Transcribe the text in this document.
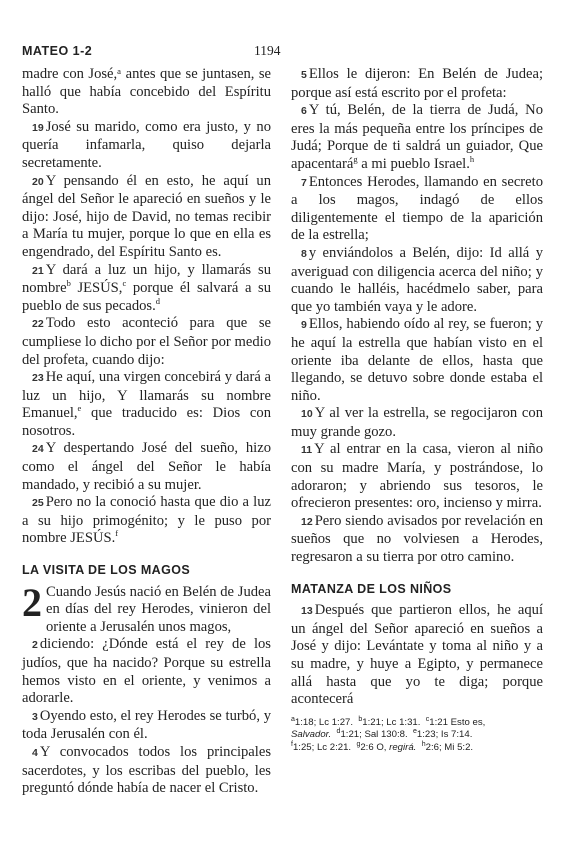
MATEO 1-2	1194

madre con José,ᵃ antes que se juntasen, se halló que había concebido del Espíritu Santo.

19 José su marido, como era justo, y no quería infamarla, quiso dejarla secretamente.

20 Y pensando él en esto, he aquí un ángel del Señor le apareció en sueños y le dijo: José, hijo de David, no temas recibir a María tu mujer, porque lo que en ella es engendrado, del Espíritu Santo es.

21 Y dará a luz un hijo, y llamarás su nombre$^b$ JESÚS,$^c$ porque él salvará a su pueblo de sus pecados.$^d$

22 Todo esto aconteció para que se cumpliese lo dicho por el Señor por medio del profeta, cuando dijo:

23 He aquí, una virgen concebirá y dará a luz un hijo, Y llamarás su nombre Emanuel,$^e$ que traducido es: Dios con nosotros.

24 Y despertando José del sueño, hizo como el ángel del Señor le había mandado, y recibió a su mujer.

25 Pero no la conoció hasta que dio a luz a su hijo primogénito; y le puso por nombre JESÚS.$^f$

LA VISITA DE LOS MAGOS

2 Cuando Jesús nació en Belén de Judea en días del rey Herodes, vinieron del oriente a Jerusalén unos magos,

2 diciendo: ¿Dónde está el rey de los judíos, que ha nacido? Porque su estrella hemos visto en el oriente, y venimos a adorarle.

3 Oyendo esto, el rey Herodes se turbó, y toda Jerusalén con él.

4 Y convocados todos los principales sacerdotes, y los escribas del pueblo, les preguntó dónde había de nacer el Cristo.

5 Ellos le dijeron: En Belén de Judea; porque así está escrito por el profeta:

6 Y tú, Belén, de la tierra de Judá, No eres la más pequeña entre los príncipes de Judá; Porque de ti saldrá un guiador, Que apacentará$^g$ a mi pueblo Israel.$^h$

7 Entonces Herodes, llamando en secreto a los magos, indagó de ellos diligentemente el tiempo de la aparición de la estrella;

8 y enviándolos a Belén, dijo: Id allá y averiguad con diligencia acerca del niño; y cuando le halléis, hacédmelo saber, para que yo también vaya y le adore.

9 Ellos, habiendo oído al rey, se fueron; y he aquí la estrella que habían visto en el oriente iba delante de ellos, hasta que llegando, se detuvo sobre donde estaba el niño.

10 Y al ver la estrella, se regocijaron con muy grande gozo.

11 Y al entrar en la casa, vieron al niño con su madre María, y postrándose, lo adoraron; y abriendo sus tesoros, le ofrecieron presentes: oro, incienso y mirra.

12 Pero siendo avisados por revelación en sueños que no volviesen a Herodes, regresaron a su tierra por otro camino.

MATANZA DE LOS NIÑOS

13 Después que partieron ellos, he aquí un ángel del Señor apareció en sueños a José y dijo: Levántate y toma al niño y a su madre, y huye a Egipto, y permanece allá hasta que yo te diga; porque acontecerá

$^a$1:18; Lc 1:27. $^b$1:21; Lc 1:31. $^c$1:21 Esto es,
Salvador. $^d$1:21; Sal 130:8. $^e$1:23; Is 7:14.
$^f$1:25; Lc 2:21. $^g$2:6 O, regirá. $^h$2:6; Mi 5:2.
